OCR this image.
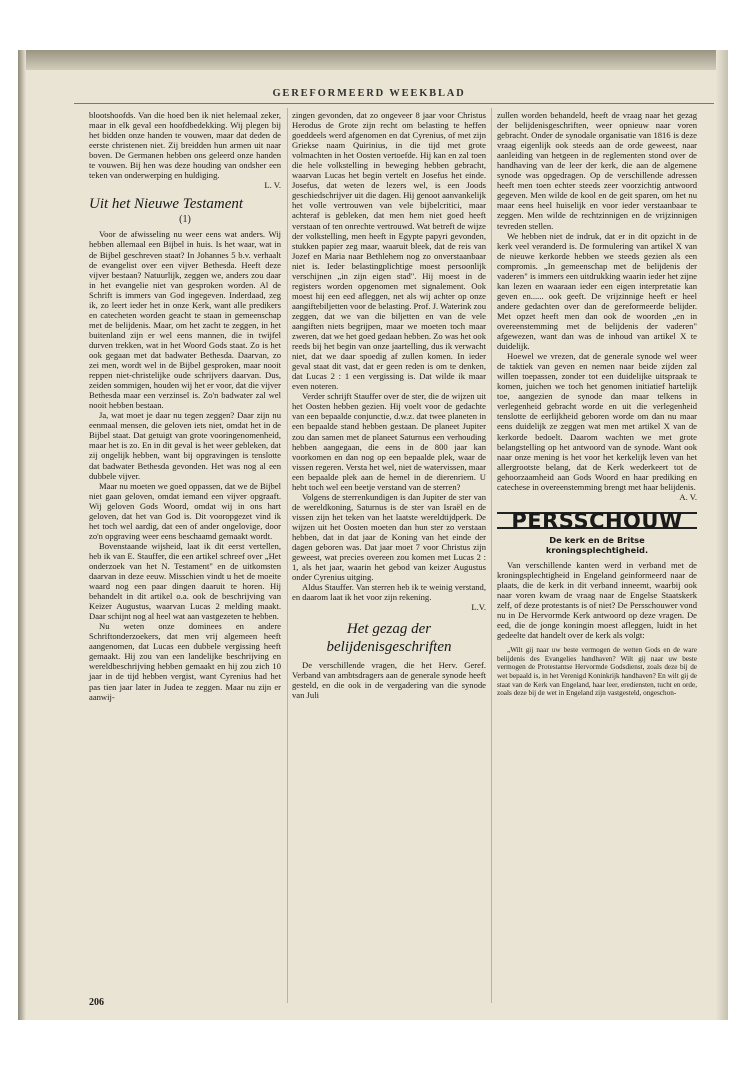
GEREFORMEERD WEEKBLAD

blootshoofds. Van die hoed ben ik niet helemaal zeker, maar in elk geval een hoofdbedekking. Wij plegen bij het bidden onze handen te vouwen, maar dat deden de eerste christenen niet. Zij breidden hun armen uit naar boven. De Germanen hebben ons geleerd onze handen te vouwen. Bij hen was deze houding van ondsher een teken van onderwerping en huldiging.

L. V.
Uit het Nieuwe Testament
(1)

Voor de afwisseling nu weer eens wat anders. Wij hebben allemaal een Bijbel in huis. Is het waar, wat in de Bijbel geschreven staat? In Johannes 5 b.v. verhaalt de evangelist over een vijver Bethesda. Heeft deze vijver bestaan? Natuurlijk, zeggen we, anders zou daar in het evangelie niet van gesproken worden. Al de Schrift is immers van God ingegeven. Inderdaad, zeg ik, zo leert ieder het in onze Kerk, want alle predikers en catecheten worden geacht te staan in gemeenschap met de belijdenis. Maar, om het zacht te zeggen, in het buitenland zijn er wel eens mannen, die in twijfel durven trekken, wat in het Woord Gods staat. Zo is het ook gegaan met dat badwater Bethesda. Daarvan, zo zei men, wordt wel in de Bijbel gesproken, maar nooit reppen niet-christelijke oude schrijvers daarvan. Dus, zeiden sommigen, houden wij het er voor, dat die vijver Bethesda maar een verzinsel is. Zo'n badwater zal wel nooit hebben bestaan.

Ja, wat moet je daar nu tegen zeggen? Daar zijn nu eenmaal mensen, die geloven iets niet, omdat het in de Bijbel staat. Dat getuigt van grote vooringenomenheid, maar het is zo. En in dit geval is het weer gebleken, dat zij ongelijk hebben, want bij opgravingen is tenslotte dat badwater Bethesda gevonden. Het was nog al een dubbele vijver.

Maar nu moeten we goed oppassen, dat we de Bijbel niet gaan geloven, omdat iemand een vijver opgraaft. Wij geloven Gods Woord, omdat wij in ons hart geloven, dat het van God is. Dit vooropgezet vind ik het toch wel aardig, dat een of ander ongelovige, door zo'n opgraving weer eens beschaamd gemaakt wordt.

Bovenstaande wijsheid, laat ik dit eerst vertellen, heb ik van E. Stauffer, die een artikel schreef over „Het onderzoek van het N. Testament" en de uitkomsten daarvan in deze eeuw. Misschien vindt u het de moeite waard nog een paar dingen daaruit te horen. Hij behandelt in dit artikel o.a. ook de beschrijving van Keizer Augustus, waarvan Lucas 2 melding maakt. Daar schijnt nog al heel wat aan vastgezeten te hebben.

Nu weten onze dominees en andere Schriftonderzoekers, dat men vrij algemeen heeft aangenomen, dat Lucas een dubbele vergissing heeft gemaakt. Hij zou van een landelijke beschrijving en wereldbeschrijving hebben gemaakt en hij zou zich 10 jaar in de tijd hebben vergist, want Cyrenius had het pas tien jaar later in Judea te zeggen. Maar nu zijn er aanwij-

zingen gevonden, dat zo ongeveer 8 jaar voor Christus Herodus de Grote zijn recht om belasting te heffen goeddeels werd afgenomen en dat Cyrenius, of met zijn Griekse naam Quirinius, in die tijd met grote volmachten in het Oosten vertoefde. Hij kan en zal toen die hele volkstelling in beweging hebben gebracht, waarvan Lucas het begin vertelt en Josefus het einde. Josefus, dat weten de lezers wel, is een Joods geschiedschrijver uit die dagen. Hij genoot aanvankelijk het volle vertrouwen van vele bijbelcritici, maar achteraf is gebleken, dat men hem niet goed heeft verstaan of ten onrechte vertrouwd. Wat betreft de wijze der volkstelling, men heeft in Egypte papyri gevonden, stukken papier zeg maar, waaruit bleek, dat de reis van Jozef en Maria naar Bethlehem nog zo onverstaanbaar niet is. Ieder belastingplichtige moest persoonlijk verschijnen „in zijn eigen stad". Hij moest in de registers worden opgenomen met signalement. Ook moest hij een eed afleggen, net als wij achter op onze aangiftebiljetten voor de belasting. Prof. J. Waterink zou zeggen, dat we van die biljetten en van de vele aangiften niets begrijpen, maar we moeten toch maar zweren, dat we het goed gedaan hebben. Zo was het ook reeds bij het begin van onze jaartelling, dus ik verwacht niet, dat we daar spoedig af zullen komen. In ieder geval staat dit vast, dat er geen reden is om te denken, dat Lucas 2 : 1 een vergissing is. Dat wilde ik maar even noteren.

Verder schrijft Stauffer over de ster, die de wijzen uit het Oosten hebben gezien. Hij voelt voor de gedachte van een bepaalde conjunctie, d.w.z. dat twee planeten in een bepaalde stand hebben gestaan. De planeet Jupiter zou dan samen met de planeet Saturnus een verhouding hebben aangegaan, die eens in de 800 jaar kan voorkomen en dan nog op een bepaalde plek, waar de vissen regeren. Versta het wel, niet de watervissen, maar een bepaalde plek aan de hemel in de dierenriem. U hebt toch wel een beetje verstand van de sterren?

Volgens de sterrenkundigen is dan Jupiter de ster van de wereldkoning, Saturnus is de ster van Israël en de vissen zijn het teken van het laatste wereldtijdperk. De wijzen uit het Oosten moeten dan hun ster zo verstaan hebben, dat in dat jaar de Koning van het einde der dagen geboren was. Dat jaar moet 7 voor Christus zijn geweest, wat precies overeen zou komen met Lucas 2 : 1, als het jaar, waarin het gebod van keizer Augustus onder Cyrenius uitging.

Aldus Stauffer. Van sterren heb ik te weinig verstand, en daarom laat ik het voor zijn rekening.

L.V.
Het gezag der belijdenisgeschriften

De verschillende vragen, die het Herv. Geref. Verband van ambtsdragers aan de generale synode heeft gesteld, en die ook in de vergadering van die synode van Juli

zullen worden behandeld, heeft de vraag naar het gezag der belijdenisgeschriften, weer opnieuw naar voren gebracht. Onder de synodale organisatie van 1816 is deze vraag eigenlijk ook steeds aan de orde geweest, naar aanleiding van hetgeen in de reglementen stond over de handhaving van de leer der kerk, die aan de algemene synode was opgedragen. Op de verschillende adressen heeft men toen echter steeds zeer voorzichtig antwoord gegeven. Men wilde de kool en de geit sparen, om het nu maar eens heel huiselijk en voor ieder verstaanbaar te zeggen. Men wilde de rechtzinnigen en de vrijzinnigen tevreden stellen.

We hebben niet de indruk, dat er in dit opzicht in de kerk veel veranderd is. De formulering van artikel X van de nieuwe kerkorde hebben we steeds gezien als een compromis. „In gemeenschap met de belijdenis der vaderen" is immers een uitdrukking waarin ieder het zijne kan lezen en waaraan ieder een eigen interpretatie kan geven en...... ook geeft. De vrijzinnige heeft er heel andere gedachten over dan de gereformeerde belijder. Met opzet heeft men dan ook de woorden „en in overeenstemming met de belijdenis der vaderen" afgewezen, want dan was de inhoud van artikel X te duidelijk.

Hoewel we vrezen, dat de generale synode wel weer de taktiek van geven en nemen naar beide zijden zal willen toepassen, zonder tot een duidelijke uitspraak te komen, juichen we toch het genomen initiatief hartelijk toe, aangezien de synode dan maar telkens in verlegenheid gebracht worde en uit die verlegenheid tenslotte de eerlijkheid geboren worde om dan nu maar eens duidelijk ze zeggen wat men met artikel X van de kerkorde bedoelt. Daarom wachten we met grote belangstelling op het antwoord van de synode. Want ook naar onze mening is het voor het kerkelijk leven van het allergrootste belang, dat de Kerk wederkeert tot de gehoorzaamheid aan Gods Woord en haar prediking en catechese in overeenstemming brengt met haar belijdenis.

A. V.
PERSSCHOUW
De kerk en de Britse kroningsplechtigheid.

Van verschillende kanten werd in verband met de kroningsplechtigheid in Engeland geinformeerd naar de plaats, die de kerk in dit verband inneemt, waarbij ook naar voren kwam de vraag naar de Engelse Staatskerk zelf, of deze protestants is of niet? De Persschouwer vond nu in De Hervormde Kerk antwoord op deze vragen. De eed, die de jonge koningin moest afleggen, luidt in het gedeelte dat handelt over de kerk als volgt:

„Wilt gij naar uw beste vermogen de wetten Gods en de ware belijdenis des Evangelies handhaven? Wilt gij naar uw beste vermogen de Protestantse Hervormde Godsdienst, zoals deze bij de wet bepaald is, in het Verenigd Koninkrijk handhaven? En wilt gij de staat van de Kerk van Engeland, haar leer, erediensten, tucht en orde, zoals deze bij de wet in Engeland zijn vastgesteld, ongeschon-

206
